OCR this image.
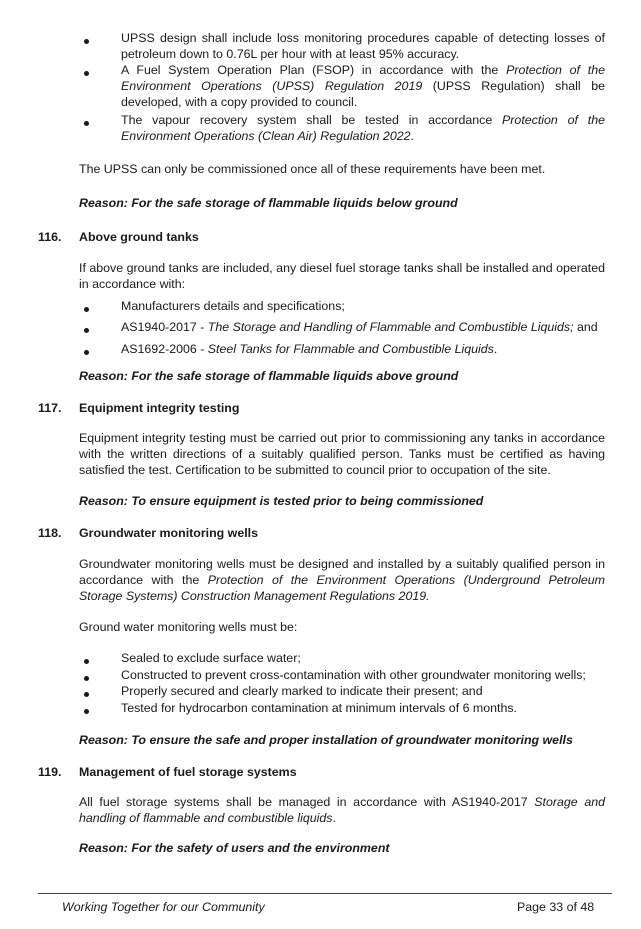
UPSS design shall include loss monitoring procedures capable of detecting losses of petroleum down to 0.76L per hour with at least 95% accuracy.
A Fuel System Operation Plan (FSOP) in accordance with the Protection of the Environment Operations (UPSS) Regulation 2019 (UPSS Regulation) shall be developed, with a copy provided to council.
The vapour recovery system shall be tested in accordance Protection of the Environment Operations (Clean Air) Regulation 2022.
The UPSS can only be commissioned once all of these requirements have been met.
Reason: For the safe storage of flammable liquids below ground
116. Above ground tanks
If above ground tanks are included, any diesel fuel storage tanks shall be installed and operated in accordance with:
Manufacturers details and specifications;
AS1940-2017 - The Storage and Handling of Flammable and Combustible Liquids; and
AS1692-2006 - Steel Tanks for Flammable and Combustible Liquids.
Reason: For the safe storage of flammable liquids above ground
117. Equipment integrity testing
Equipment integrity testing must be carried out prior to commissioning any tanks in accordance with the written directions of a suitably qualified person. Tanks must be certified as having satisfied the test. Certification to be submitted to council prior to occupation of the site.
Reason: To ensure equipment is tested prior to being commissioned
118. Groundwater monitoring wells
Groundwater monitoring wells must be designed and installed by a suitably qualified person in accordance with the Protection of the Environment Operations (Underground Petroleum Storage Systems) Construction Management Regulations 2019.
Ground water monitoring wells must be:
Sealed to exclude surface water;
Constructed to prevent cross-contamination with other groundwater monitoring wells;
Properly secured and clearly marked to indicate their present; and
Tested for hydrocarbon contamination at minimum intervals of 6 months.
Reason: To ensure the safe and proper installation of groundwater monitoring wells
119. Management of fuel storage systems
All fuel storage systems shall be managed in accordance with AS1940-2017 Storage and handling of flammable and combustible liquids.
Reason: For the safety of users and the environment
Working Together for our Community	Page 33 of 48
